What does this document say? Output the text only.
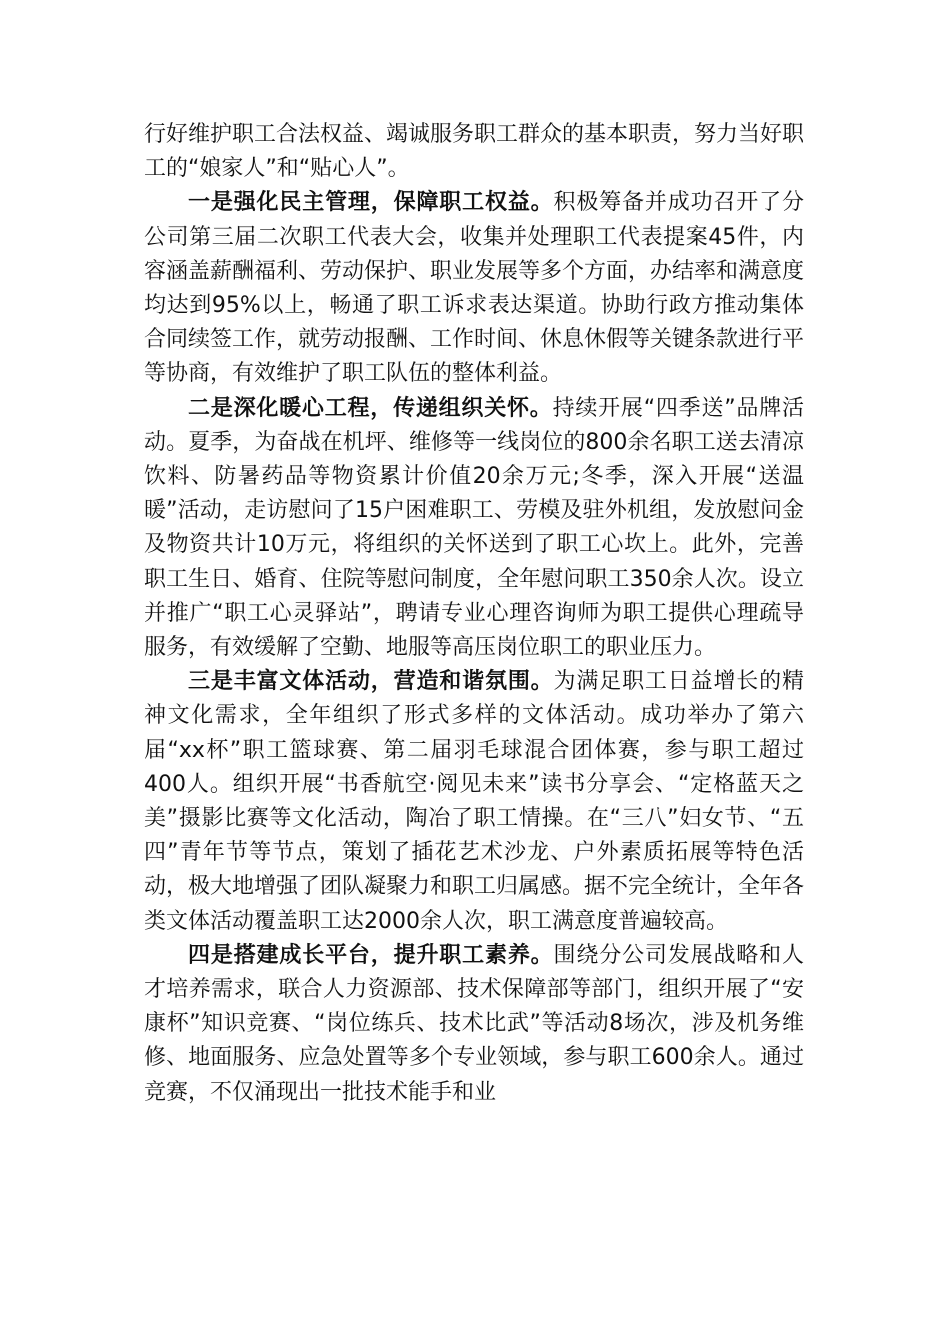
行好维护职工合法权益、竭诚服务职工群众的基本职责，努力当好职工的“娘家人”和“贴心人”。

一是强化民主管理，保障职工权益。积极筹备并成功召开了分公司第三届二次职工代表大会，收集并处理职工代表提案45件，内容涵盖薪酬福利、劳动保护、职业发展等多个方面，办结率和满意度均达到95%以上，畅通了职工诉求表达渠道。协助行政方推动集体合同续签工作，就劳动报酬、工作时间、休息休假等关键条款进行平等协商，有效维护了职工队伍的整体利益。

二是深化暖心工程，传递组织关怀。持续开展“四季送”品牌活动。夏季，为奋战在机坪、维修等一线岗位的800余名职工送去清凉饮料、防暑药品等物资累计价值20余万元;冬季，深入开展“送温暖”活动，走访慰问了15户困难职工、劳模及驻外机组，发放慰问金及物资共计10万元，将组织的关怀送到了职工心坎上。此外，完善职工生日、婚育、住院等慰问制度，全年慰问职工350余人次。设立并推广“职工心灵驿站”，聘请专业心理咨询师为职工提供心理疏导服务，有效缓解了空勤、地服等高压岗位职工的职业压力。

三是丰富文体活动，营造和谐氛围。为满足职工日益增长的精神文化需求，全年组织了形式多样的文体活动。成功举办了第六届“xx杯”职工篮球赛、第二届羽毛球混合团体赛，参与职工超过400人。组织开展“书香航空·阅见未来”读书分享会、“定格蓝天之美”摄影比赛等文化活动，陶冶了职工情操。在“三八”妇女节、“五四”青年节等节点，策划了插花艺术沙龙、户外素质拓展等特色活动，极大地增强了团队凝聚力和职工归属感。据不完全统计，全年各类文体活动覆盖职工达2000余人次，职工满意度普遍较高。

四是搭建成长平台，提升职工素养。围绕分公司发展战略和人才培养需求，联合人力资源部、技术保障部等部门，组织开展了“安康杯”知识竞赛、“岗位练兵、技术比武”等活动8场次，涉及机务维修、地面服务、应急处置等多个专业领域，参与职工600余人。通过竞赛，不仅涌现出一批技术能手和业
